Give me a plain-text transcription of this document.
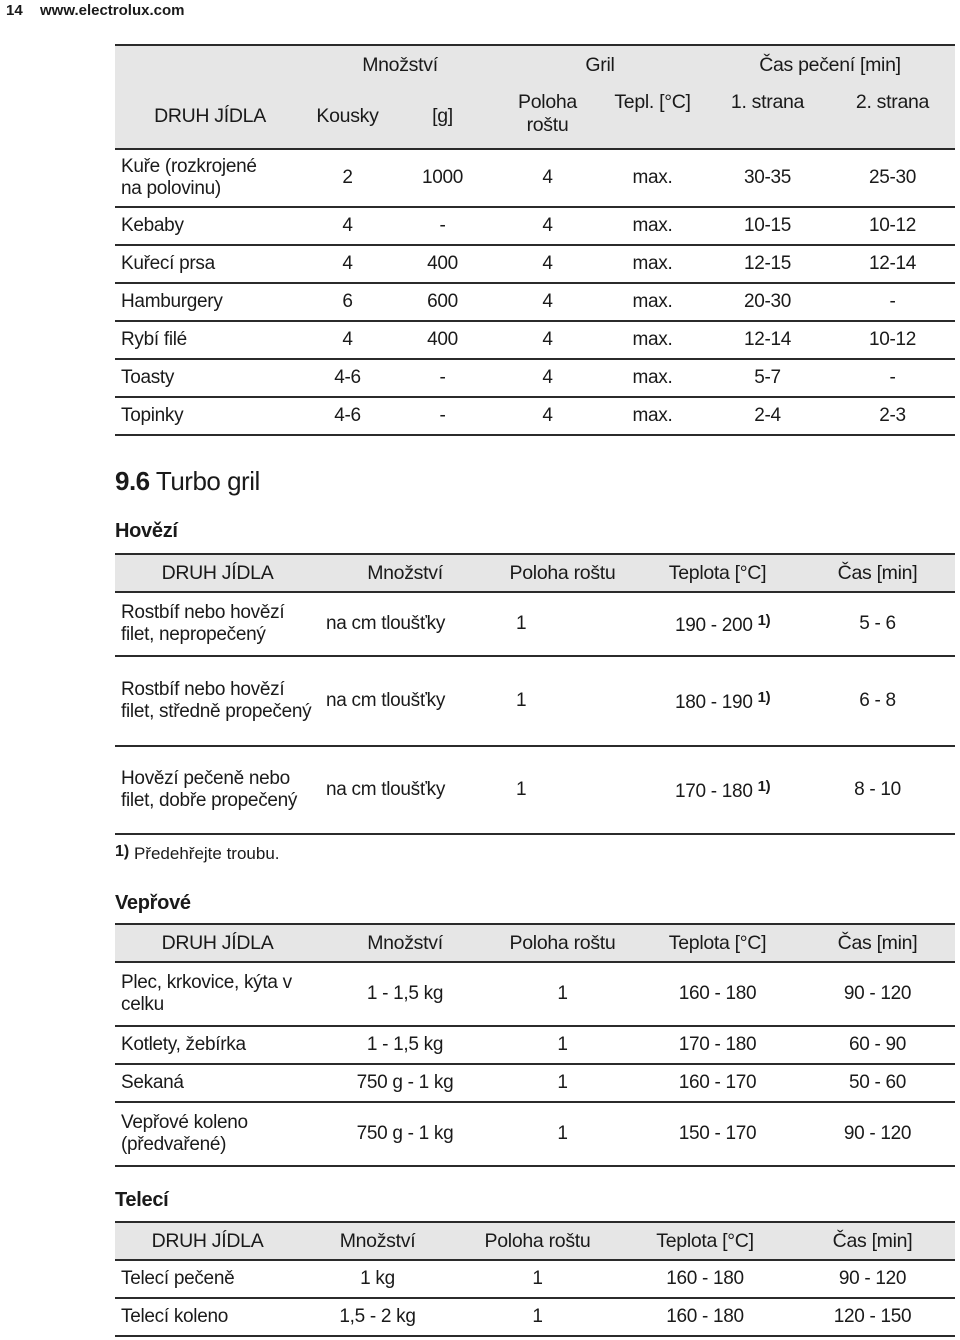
14 www.electrolux.com
	Množství		Gril		Čas pečení [min]	
DRUH JÍDLA	Kousky	[g]	Poloha roštu	Tepl. [°C]	1. strana	2. strana
Kuře (rozkrojené na polovinu)	2	1000	4	max.	30-35	25-30
Kebaby	4	-	4	max.	10-15	10-12
Kuřecí prsa	4	400	4	max.	12-15	12-14
Hamburgery	6	600	4	max.	20-30	-
Rybí filé	4	400	4	max.	12-14	10-12
Toasty	4-6	-	4	max.	5-7	-
Topinky	4-6	-	4	max.	2-4	2-3
9.6 Turbo gril
Hovězí
DRUH JÍDLA	Množství	Poloha roštu	Teplota [°C]	Čas [min]
Rostbíf nebo hovězí filet, nepropečený	na cm tloušťky	1	190 - 200 $^{1)}$	5 - 6
Rostbíf nebo hovězí filet, středně propečený	na cm tloušťky	1	180 - 190 $^{1)}$	6 - 8
Hovězí pečeně nebo filet, dobře propečený	na cm tloušťky	1	170 - 180 $^{1)}$	8 - 10
1) Předehřejte troubu.
Vepřové
DRUH JÍDLA	Množství	Poloha roštu	Teplota [°C]	Čas [min]
Plec, krkovice, kýta v celku	1 - 1,5 kg	1	160 - 180	90 - 120
Kotlety, žebírka	1 - 1,5 kg	1	170 - 180	60 - 90
Sekaná	750 g - 1 kg	1	160 - 170	50 - 60
Vepřové koleno (předvařené)	750 g - 1 kg	1	150 - 170	90 - 120
Telecí
DRUH JÍDLA	Množství	Poloha roštu	Teplota [°C]	Čas [min]
Telecí pečeně	1 kg	1	160 - 180	90 - 120
Telecí koleno	1,5 - 2 kg	1	160 - 180	120 - 150
